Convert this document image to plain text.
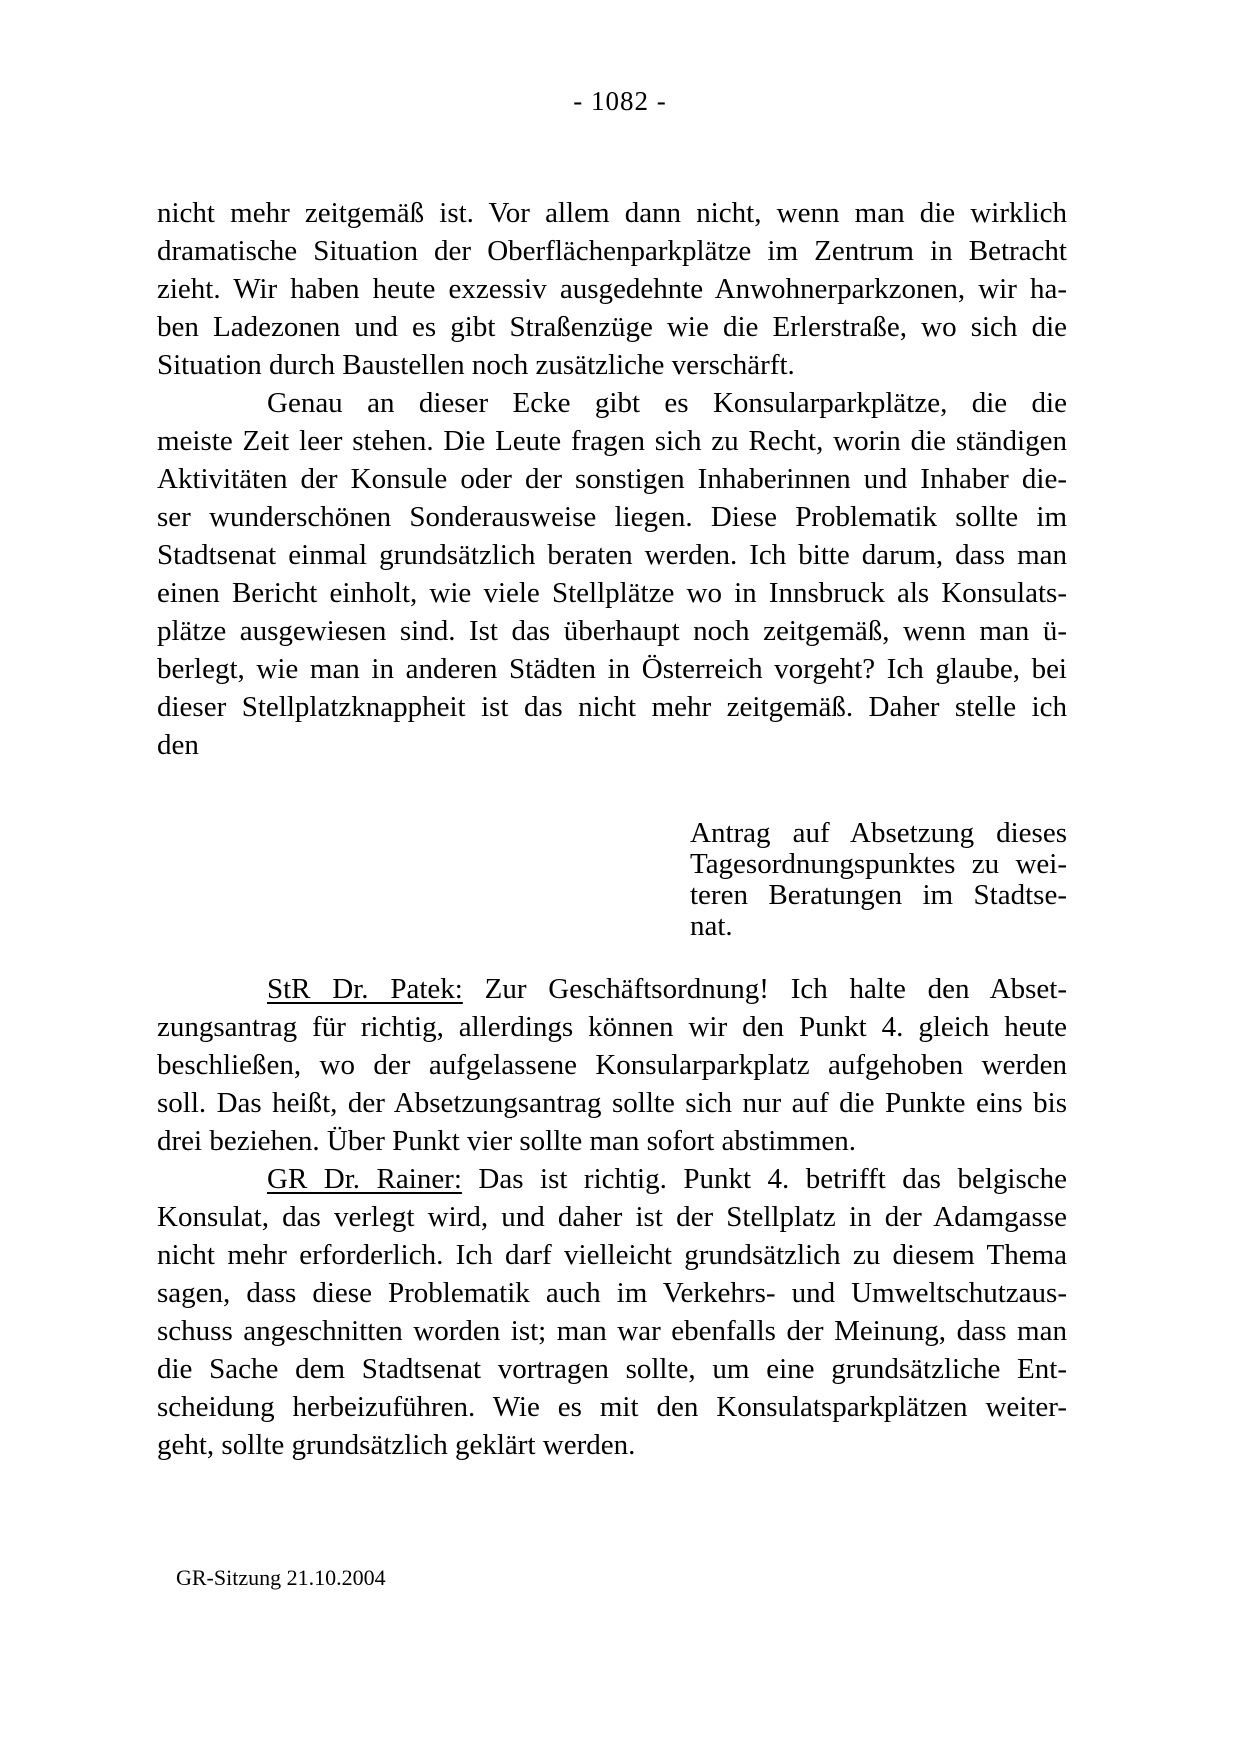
- 1082 -
nicht mehr zeitgemäß ist. Vor allem dann nicht, wenn man die wirklich
dramatische Situation der Oberflächenparkplätze im Zentrum in Betracht
zieht. Wir haben heute exzessiv ausgedehnte Anwohnerparkzonen, wir ha-
ben Ladezonen und es gibt Straßenzüge wie die Erlerstraße, wo sich die
Situation durch Baustellen noch zusätzliche verschärft.
Genau an dieser Ecke gibt es Konsularparkplätze, die die
meiste Zeit leer stehen. Die Leute fragen sich zu Recht, worin die ständigen
Aktivitäten der Konsule oder der sonstigen Inhaberinnen und Inhaber die-
ser wunderschönen Sonderausweise liegen. Diese Problematik sollte im
Stadtsenat einmal grundsätzlich beraten werden. Ich bitte darum, dass man
einen Bericht einholt, wie viele Stellplätze wo in Innsbruck als Konsulats-
plätze ausgewiesen sind. Ist das überhaupt noch zeitgemäß, wenn man ü-
berlegt, wie man in anderen Städten in Österreich vorgeht? Ich glaube, bei
dieser Stellplatzknappheit ist das nicht mehr zeitgemäß. Daher stelle ich
den
Antrag auf Absetzung dieses
Tagesordnungspunktes zu wei-
teren Beratungen im Stadtse-
nat.
StR Dr. Patek: Zur Geschäftsordnung! Ich halte den Abset-
zungsantrag für richtig, allerdings können wir den Punkt 4. gleich heute
beschließen, wo der aufgelassene Konsularparkplatz aufgehoben werden
soll. Das heißt, der Absetzungsantrag sollte sich nur auf die Punkte eins bis
drei beziehen. Über Punkt vier sollte man sofort abstimmen.
GR Dr. Rainer: Das ist richtig. Punkt 4. betrifft das belgische
Konsulat, das verlegt wird, und daher ist der Stellplatz in der Adamgasse
nicht mehr erforderlich. Ich darf vielleicht grundsätzlich zu diesem Thema
sagen, dass diese Problematik auch im Verkehrs- und Umweltschutzaus-
schuss angeschnitten worden ist; man war ebenfalls der Meinung, dass man
die Sache dem Stadtsenat vortragen sollte, um eine grundsätzliche Ent-
scheidung herbeizuführen. Wie es mit den Konsulatsparkplätzen weiter-
geht, sollte grundsätzlich geklärt werden.
GR-Sitzung 21.10.2004
